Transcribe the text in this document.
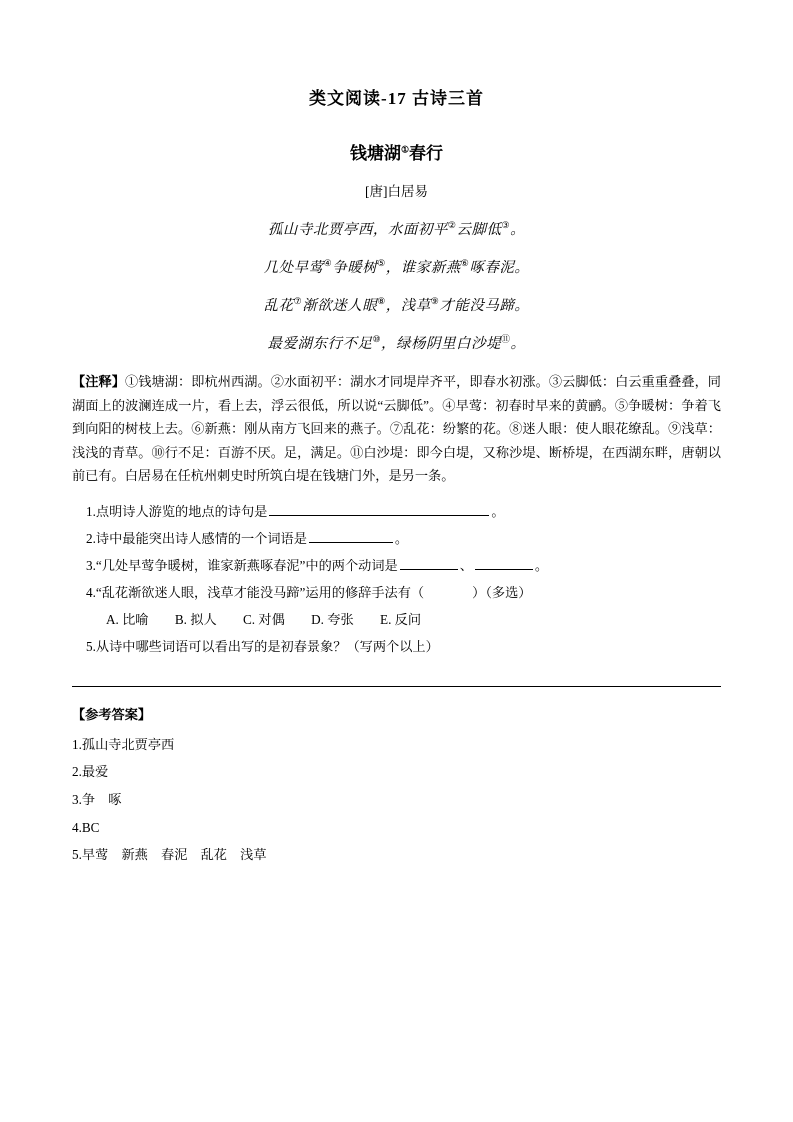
类文阅读-17 古诗三首
钱塘湖①春行
[唐]白居易

孤山寺北贾亭西，水面初平②云脚低③。

几处早莺④争暖树⑤，谁家新燕⑥啄春泥。

乱花⑦渐欲迷人眼⑧，浅草⑨才能没马蹄。

最爱湖东行不足⑩，绿杨阴里白沙堤⑪。

【注释】①钱塘湖：即杭州西湖。②水面初平：湖水才同堤岸齐平，即春水初涨。③云脚低：白云重重叠叠，同湖面上的波澜连成一片，看上去，浮云很低，所以说“云脚低”。④早莺：初春时早来的黄鹂。⑤争暖树：争着飞到向阳的树枝上去。⑥新燕：刚从南方飞回来的燕子。⑦乱花：纷繁的花。⑧迷人眼：使人眼花缭乱。⑨浅草：浅浅的青草。⑩行不足：百游不厌。足，满足。⑪白沙堤：即今白堤，又称沙堤、断桥堤，在西湖东畔，唐朝以前已有。白居易在任杭州刺史时所筑白堤在钱塘门外，是另一条。

1.点明诗人游览的地点的诗句是	。

2.诗中最能突出诗人感情的一个词语是	。

3.“几处早莺争暖树，谁家新燕啄春泥”中的两个动词是	、	。

4.“乱花渐欲迷人眼，浅草才能没马蹄”运用的修辞手法有（	）（多选）

A. 比喻　　B. 拟人　　C. 对偶　　D. 夸张　　E. 反问

5.从诗中哪些词语可以看出写的是初春景象？（写两个以上）

【参考答案】

1.孤山寺北贾亭西

2.最爱

3.争　啄

4.BC

5.早莺　新燕　春泥　乱花　浅草
